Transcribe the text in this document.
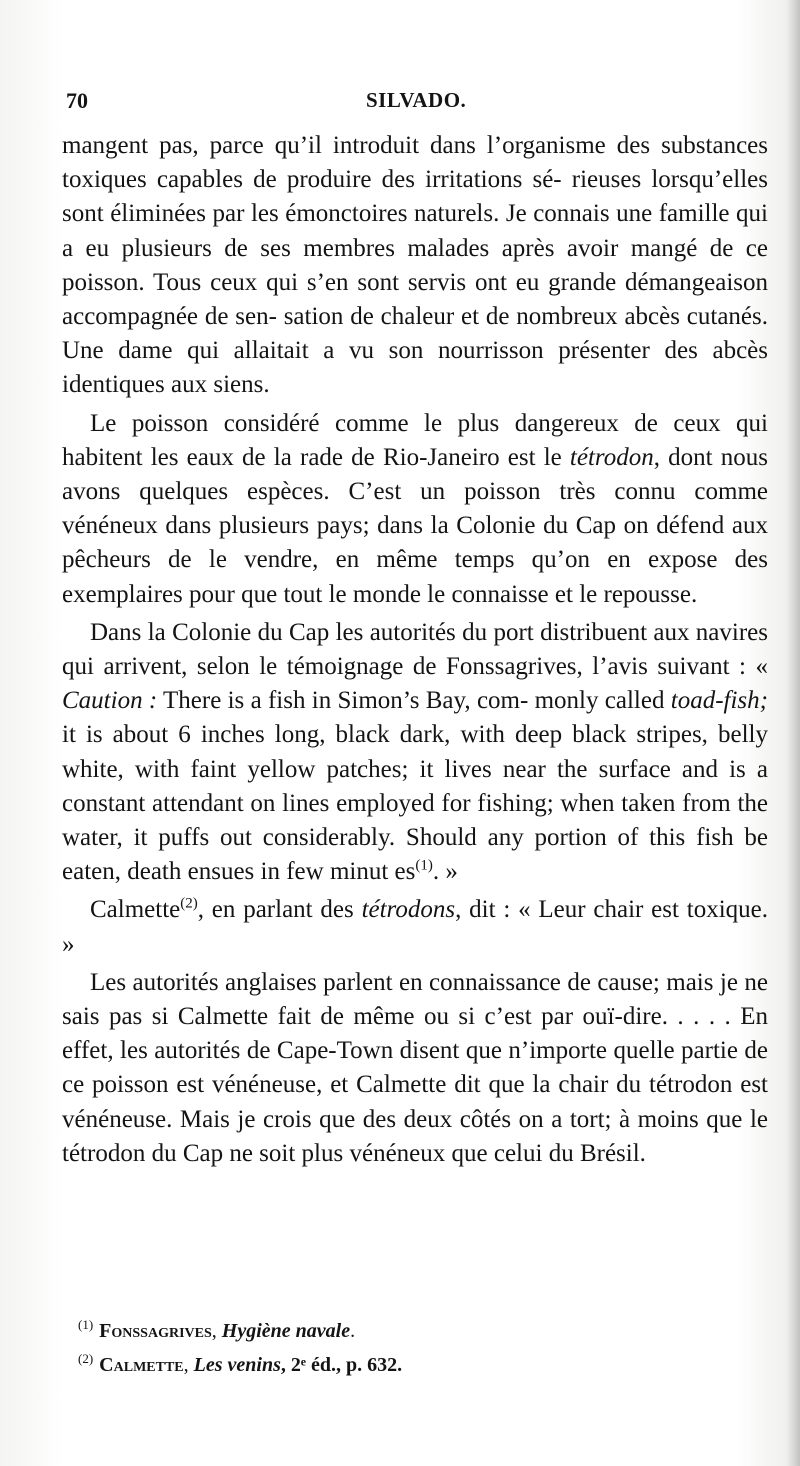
70	SILVADO.

mangent pas, parce qu’il introduit dans l’organisme des substances toxiques capables de produire des irritations sé- rieuses lorsqu’elles sont éliminées par les émonctoires naturels. Je connais une famille qui a eu plusieurs de ses membres malades après avoir mangé de ce poisson. Tous ceux qui s’en sont servis ont eu grande démangeaison accompagnée de sen- sation de chaleur et de nombreux abcès cutanés. Une dame qui allaitait a vu son nourrisson présenter des abcès identiques aux siens.

Le poisson considéré comme le plus dangereux de ceux qui habitent les eaux de la rade de Rio-Janeiro est le tétrodon, dont nous avons quelques espèces. C’est un poisson très connu comme vénéneux dans plusieurs pays; dans la Colonie du Cap on défend aux pêcheurs de le vendre, en même temps qu’on en expose des exemplaires pour que tout le monde le connaisse et le repousse.

Dans la Colonie du Cap les autorités du port distribuent aux navires qui arrivent, selon le témoignage de Fonssagrives, l’avis suivant : « Caution : There is a fish in Simon’s Bay, com- monly called toad-fish; it is about 6 inches long, black dark, with deep black stripes, belly white, with faint yellow patches; it lives near the surface and is a constant attendant on lines employed for fishing; when taken from the water, it puffs out considerably. Should any portion of this fish be eaten, death ensues in few minut es$^{(1)}$. »

Calmette$^{(2)}$, en parlant des tétrodons, dit : « Leur chair est toxique. »

Les autorités anglaises parlent en connaissance de cause; mais je ne sais pas si Calmette fait de même ou si c’est par ouï-dire. . . . . En effet, les autorités de Cape-Town disent que n’importe quelle partie de ce poisson est vénéneuse, et Calmette dit que la chair du tétrodon est vénéneuse. Mais je crois que des deux côtés on a tort; à moins que le tétrodon du Cap ne soit plus vénéneux que celui du Brésil.

$^{(1)}$ Fonssagrives, Hygiène navale.

$^{(2)}$ Calmette, Les venins, 2ᵉ éd., p. 632.
